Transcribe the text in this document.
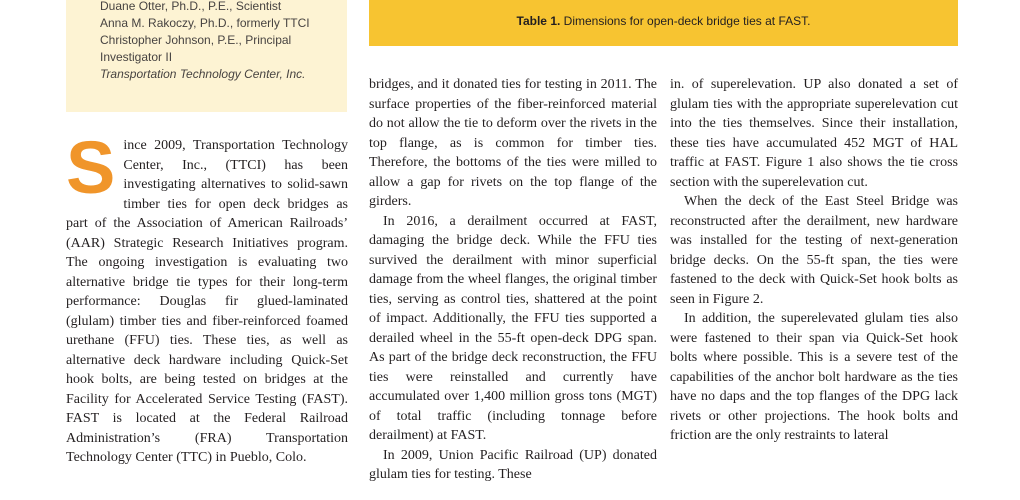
Duane Otter, Ph.D., P.E., Scientist
Anna M. Rakoczy, Ph.D., formerly TTCI
Christopher Johnson, P.E., Principal
Investigator II
Transportation Technology Center, Inc.
Table 1. Dimensions for open-deck bridge ties at FAST.

Since 2009, Transportation Technology Center, Inc., (TTCI) has been investigating alternatives to solid-sawn timber ties for open deck bridges as part of the Association of American Railroads’ (AAR) Strategic Research Initiatives program. The ongoing investigation is evaluating two alternative bridge tie types for their long-term performance: Douglas fir glued-laminated (glulam) timber ties and fiber-reinforced foamed urethane (FFU) ties. These ties, as well as alternative deck hardware including Quick-Set hook bolts, are being tested on bridges at the Facility for Accelerated Service Testing (FAST). FAST is located at the Federal Railroad Administration’s (FRA) Transportation Technology Center (TTC) in Pueblo, Colo.

bridges, and it donated ties for testing in 2011. The surface properties of the fiber-reinforced material do not allow the tie to deform over the rivets in the top flange, as is common for timber ties. Therefore, the bottoms of the ties were milled to allow a gap for rivets on the top flange of the girders.

In 2016, a derailment occurred at FAST, damaging the bridge deck. While the FFU ties survived the derailment with minor superficial damage from the wheel flanges, the original timber ties, serving as control ties, shattered at the point of impact. Additionally, the FFU ties supported a derailed wheel in the 55-ft open-deck DPG span. As part of the bridge deck reconstruction, the FFU ties were reinstalled and currently have accumulated over 1,400 million gross tons (MGT) of total traffic (including tonnage before derailment) at FAST.

In 2009, Union Pacific Railroad (UP) donated glulam ties for testing. These

in. of superelevation. UP also donated a set of glulam ties with the appropriate superelevation cut into the ties themselves. Since their installation, these ties have accumulated 452 MGT of HAL traffic at FAST. Figure 1 also shows the tie cross section with the superelevation cut.

When the deck of the East Steel Bridge was reconstructed after the derailment, new hardware was installed for the testing of next-generation bridge decks. On the 55-ft span, the ties were fastened to the deck with Quick-Set hook bolts as seen in Figure 2.

In addition, the superelevated glulam ties also were fastened to their span via Quick-Set hook bolts where possible. This is a severe test of the capabilities of the anchor bolt hardware as the ties have no daps and the top flanges of the DPG lack rivets or other projections. The hook bolts and friction are the only restraints to lateral
